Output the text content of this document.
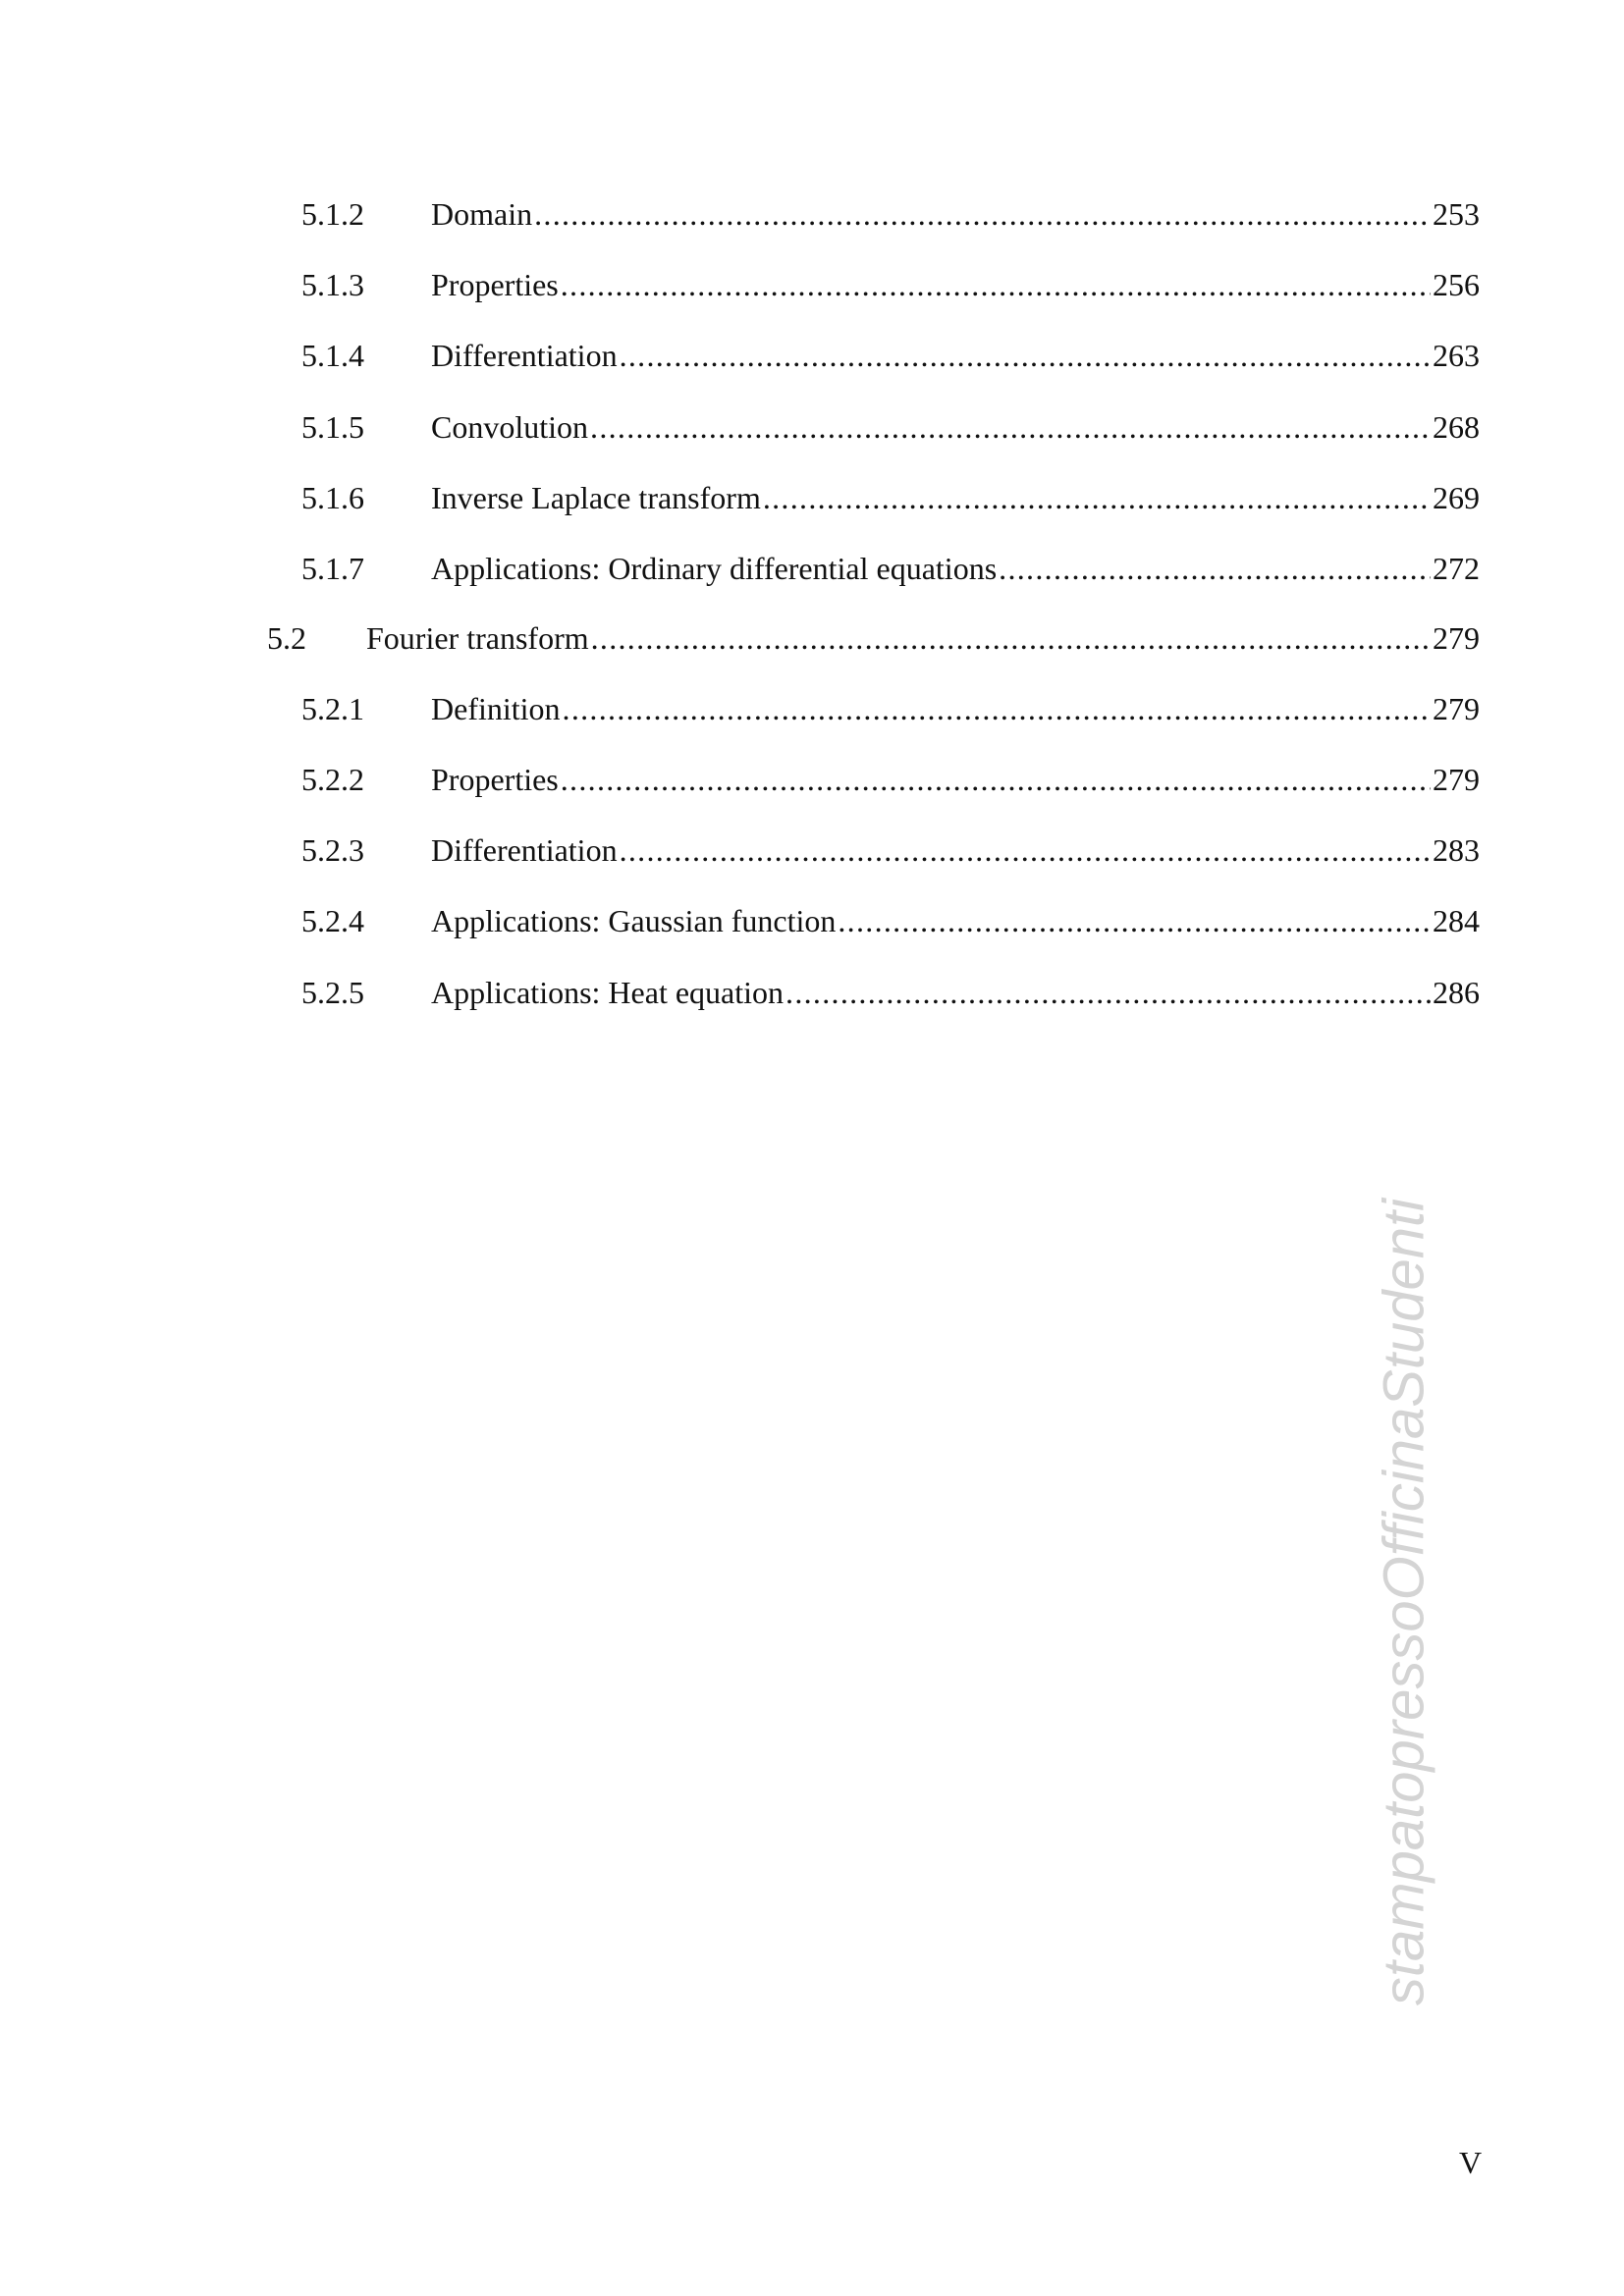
5.1.2 Domain .....	253
5.1.3 Properties .....	256
5.1.4 Differentiation .....	263
5.1.5 Convolution .....	268
5.1.6 Inverse Laplace transform .....	269
5.1.7 Applications: Ordinary differential equations .....	272
5.2 Fourier transform .....	279
5.2.1 Definition .....	279
5.2.2 Properties .....	279
5.2.3 Differentiation .....	283
5.2.4 Applications: Gaussian function .....	284
5.2.5 Applications: Heat equation .....	286
stampatopressoOfficinaStudenti
V
